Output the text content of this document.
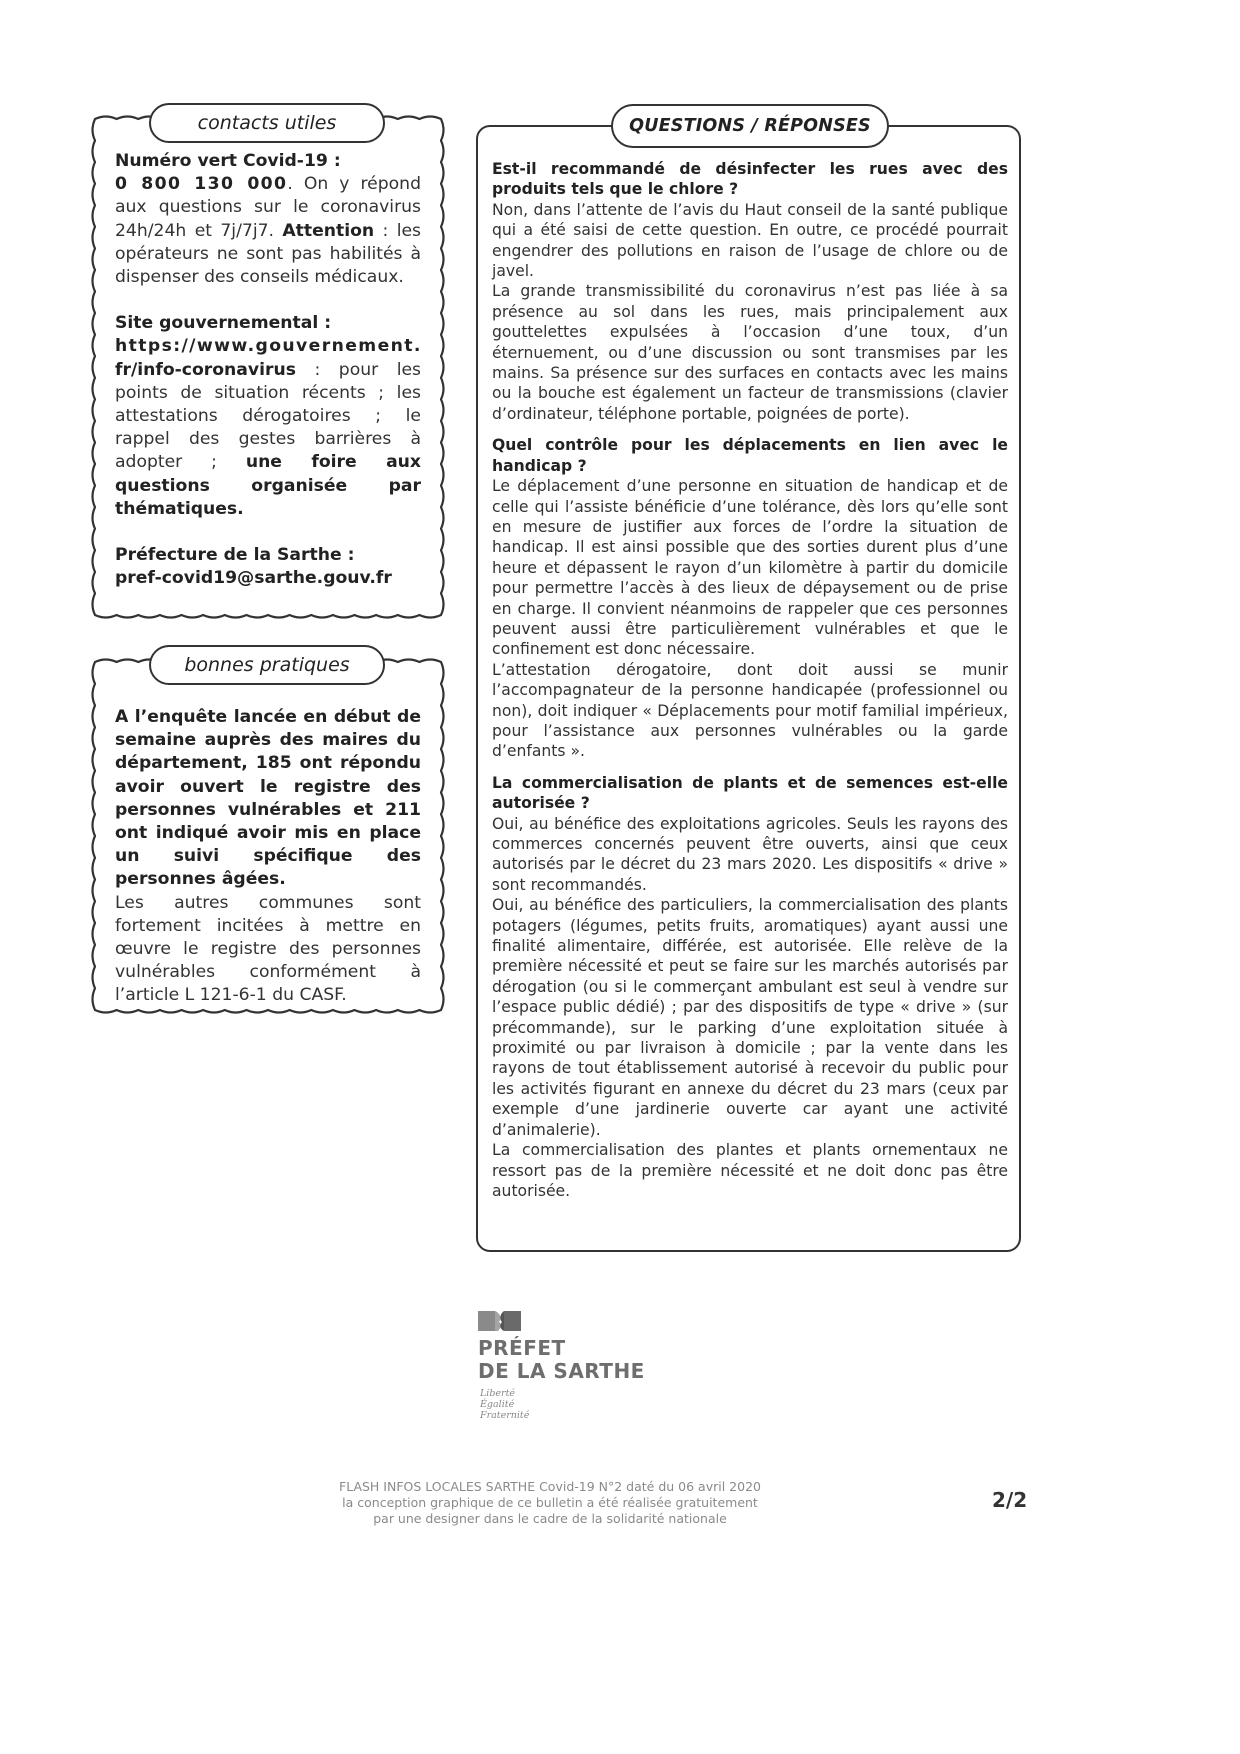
contacts utiles

Numéro vert Covid-19 :

0 800 130 000. On y répond aux questions sur le coronavirus 24h/24h et 7j/7j7. Attention : les opérateurs ne sont pas habilités à dispenser des conseils médicaux.

Site gouvernemental :

https://www.gouvernement.

fr/info-coronavirus : pour les points de situation récents ; les attestations dérogatoires ; le rappel des gestes barrières à adopter ; une foire aux questions organisée par thématiques.

Préfecture de la Sarthe :

pref-covid19@sarthe.gouv.fr

bonnes pratiques

A l’enquête lancée en début de semaine auprès des maires du département, 185 ont répondu avoir ouvert le registre des personnes vulnérables et 211 ont indiqué avoir mis en place un suivi spécifique des personnes âgées.

Les autres communes sont fortement incitées à mettre en œuvre le registre des personnes vulnérables conformément à l’article L 121-6-1 du CASF.

QUESTIONS / RÉPONSES

Est-il recommandé de désinfecter les rues avec des produits tels que le chlore ?

Non, dans l’attente de l’avis du Haut conseil de la santé publique qui a été saisi de cette question. En outre, ce procédé pourrait engendrer des pollutions en raison de l’usage de chlore ou de javel.

La grande transmissibilité du coronavirus n’est pas liée à sa présence au sol dans les rues, mais principalement aux gouttelettes expulsées à l’occasion d’une toux, d’un éternuement, ou d’une discussion ou sont transmises par les mains. Sa présence sur des surfaces en contacts avec les mains ou la bouche est également un facteur de transmissions (clavier d’ordinateur, téléphone portable, poignées de porte).

Quel contrôle pour les déplacements en lien avec le handicap ?

Le déplacement d’une personne en situation de handicap et de celle qui l’assiste bénéficie d’une tolérance, dès lors qu’elle sont en mesure de justifier aux forces de l’ordre la situation de handicap. Il est ainsi possible que des sorties durent plus d’une heure et dépassent le rayon d’un kilomètre à partir du domicile pour permettre l’accès à des lieux de dépaysement ou de prise en charge. Il convient néanmoins de rappeler que ces personnes peuvent aussi être particulièrement vulnérables et que le confinement est donc nécessaire.

L’attestation dérogatoire, dont doit aussi se munir l’accompagnateur de la personne handicapée (professionnel ou non), doit indiquer « Déplacements pour motif familial impérieux, pour l’assistance aux personnes vulnérables ou la garde d’enfants ».

La commercialisation de plants et de semences est-elle autorisée ?

Oui, au bénéfice des exploitations agricoles. Seuls les rayons des commerces concernés peuvent être ouverts, ainsi que ceux autorisés par le décret du 23 mars 2020. Les dispositifs « drive » sont recommandés.

Oui, au bénéfice des particuliers, la commercialisation des plants potagers (légumes, petits fruits, aromatiques) ayant aussi une finalité alimentaire, différée, est autorisée. Elle relève de la première nécessité et peut se faire sur les marchés autorisés par dérogation (ou si le commerçant ambulant est seul à vendre sur l’espace public dédié) ; par des dispositifs de type « drive » (sur précommande), sur le parking d’une exploitation située à proximité ou par livraison à domicile ; par la vente dans les rayons de tout établissement autorisé à recevoir du public pour les activités figurant en annexe du décret du 23 mars (ceux par exemple d’une jardinerie ouverte car ayant une activité d’animalerie).

La commercialisation des plantes et plants ornementaux ne ressort pas de la première nécessité et ne doit donc pas être autorisée.

PRÉFET
DE LA SARTHE
Liberté
Égalité
Fraternité
FLASH INFOS LOCALES SARTHE Covid-19 N°2 daté du 06 avril 2020
la conception graphique de ce bulletin a été réalisée gratuitement
par une designer dans le cadre de la solidarité nationale
2/2
